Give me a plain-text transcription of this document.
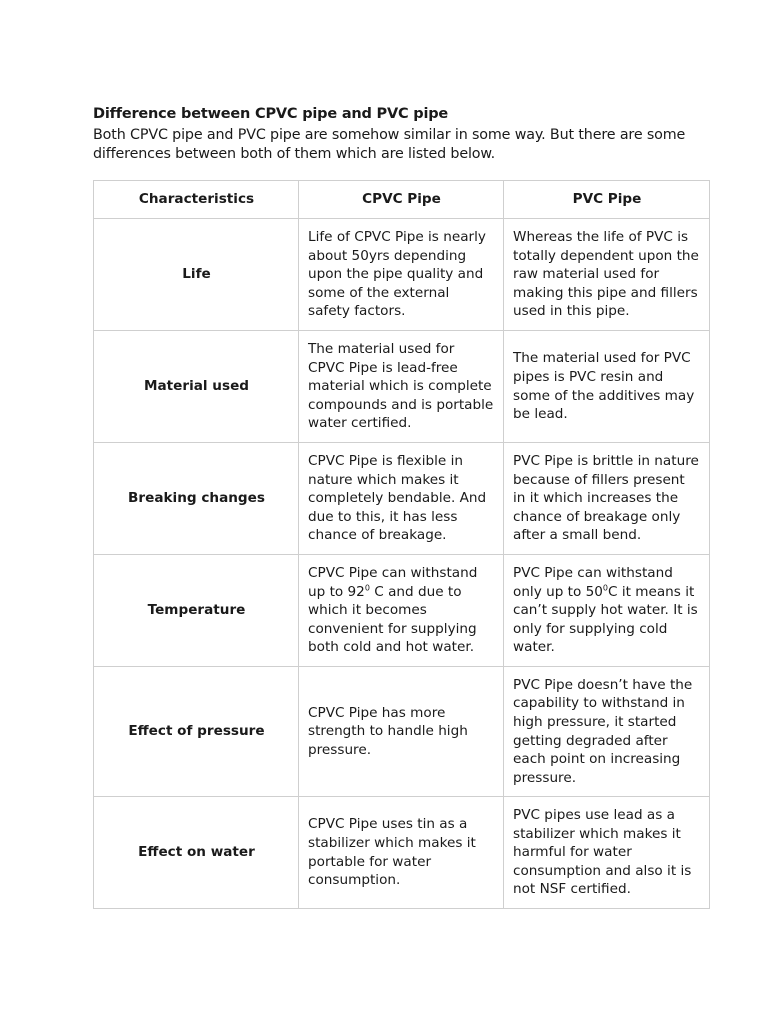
Difference between CPVC pipe and PVC pipe

Both CPVC pipe and PVC pipe are somehow similar in some way. But there are some differences between both of them which are listed below.

Characteristics	CPVC Pipe	PVC Pipe
Life	Life of CPVC Pipe is nearly about 50yrs depending upon the pipe quality and some of the external safety factors.	Whereas the life of PVC is totally dependent upon the raw material used for making this pipe and fillers used in this pipe.
Material used	The material used for CPVC Pipe is lead-free material which is complete compounds and is portable water certified.	The material used for PVC pipes is PVC resin and some of the additives may be lead.
Breaking changes	CPVC Pipe is flexible in nature which makes it completely bendable. And due to this, it has less chance of breakage.	PVC Pipe is brittle in nature because of fillers present in it which increases the chance of breakage only after a small bend.
Temperature	CPVC Pipe can withstand up to $92^0$ C and due to which it becomes convenient for supplying both cold and hot water.	PVC Pipe can withstand only up to $50^0C$ it means it can’t supply hot water. It is only for supplying cold water.
Effect of pressure	CPVC Pipe has more strength to handle high pressure.	PVC Pipe doesn’t have the capability to withstand in high pressure, it started getting degraded after each point on increasing pressure.
Effect on water	CPVC Pipe uses tin as a stabilizer which makes it portable for water consumption.	PVC pipes use lead as a stabilizer which makes it harmful for water consumption and also it is not NSF certified.
